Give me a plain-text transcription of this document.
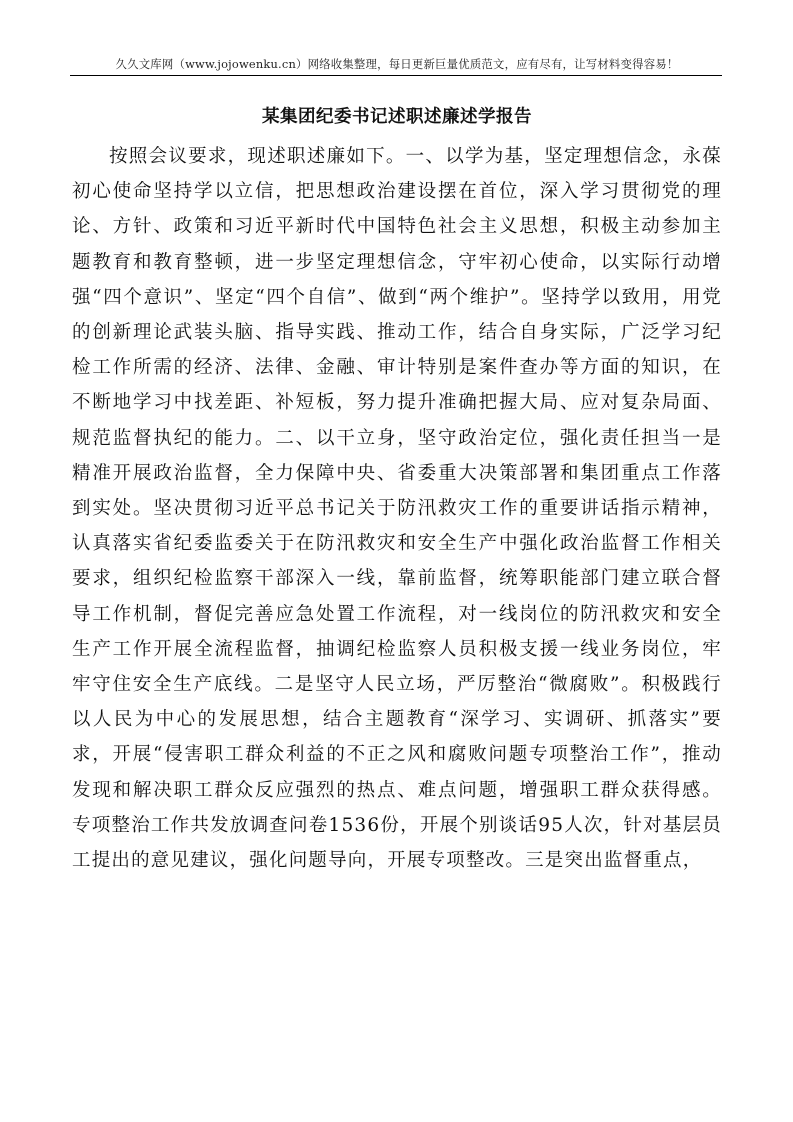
久久文库网（www.jojowenku.cn）网络收集整理，每日更新巨量优质范文，应有尽有，让写材料变得容易！
某集团纪委书记述职述廉述学报告

按照会议要求，现述职述廉如下。一、以学为基，坚定理想信念，永葆初心使命坚持学以立信，把思想政治建设摆在首位，深入学习贯彻党的理论、方针、政策和习近平新时代中国特色社会主义思想，积极主动参加主题教育和教育整顿，进一步坚定理想信念，守牢初心使命，以实际行动增强“四个意识”、坚定“四个自信”、做到“两个维护”。坚持学以致用，用党的创新理论武装头脑、指导实践、推动工作，结合自身实际，广泛学习纪检工作所需的经济、法律、金融、审计特别是案件查办等方面的知识，在不断地学习中找差距、补短板，努力提升准确把握大局、应对复杂局面、规范监督执纪的能力。二、以干立身，坚守政治定位，强化责任担当一是精准开展政治监督，全力保障中央、省委重大决策部署和集团重点工作落到实处。坚决贯彻习近平总书记关于防汛救灾工作的重要讲话指示精神，认真落实省纪委监委关于在防汛救灾和安全生产中强化政治监督工作相关要求，组织纪检监察干部深入一线，靠前监督，统筹职能部门建立联合督导工作机制，督促完善应急处置工作流程，对一线岗位的防汛救灾和安全生产工作开展全流程监督，抽调纪检监察人员积极支援一线业务岗位，牢牢守住安全生产底线。二是坚守人民立场，严厉整治“微腐败”。积极践行以人民为中心的发展思想，结合主题教育“深学习、实调研、抓落实”要求，开展“侵害职工群众利益的不正之风和腐败问题专项整治工作”，推动发现和解决职工群众反应强烈的热点、难点问题，增强职工群众获得感。专项整治工作共发放调查问卷1536份，开展个别谈话95人次，针对基层员工提出的意见建议，强化问题导向，开展专项整改。三是突出监督重点，
